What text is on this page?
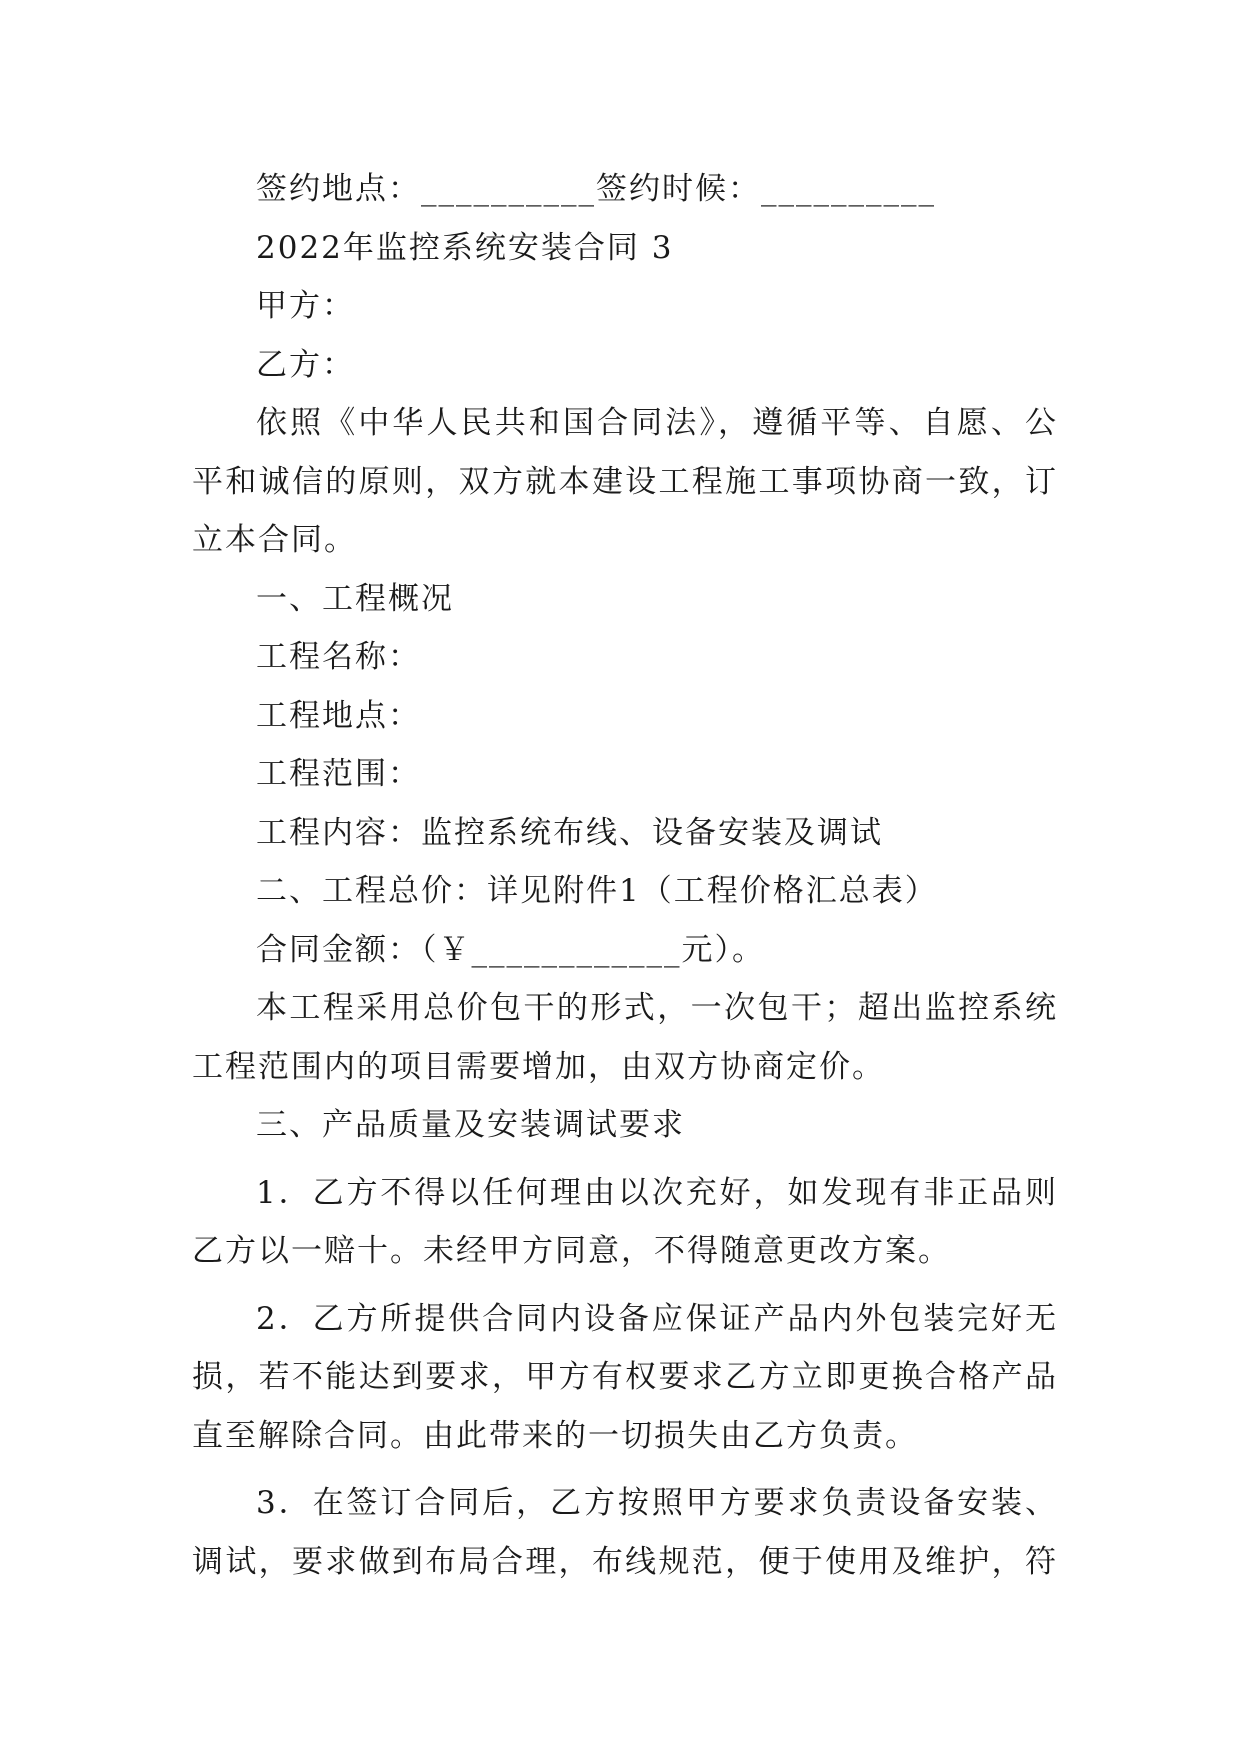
签约地点：__________签约时候：__________
2022年监控系统安装合同 3
甲方：
乙方：
依照《中华人民共和国合同法》，遵循平等、自愿、公
平和诚信的原则，双方就本建设工程施工事项协商一致，订
立本合同。
一、工程概况
工程名称：
工程地点：
工程范围：
工程内容：监控系统布线、设备安装及调试
二、工程总价：详见附件1（工程价格汇总表）
合同金额：（￥____________元）。
本工程采用总价包干的形式，一次包干；超出监控系统
工程范围内的项目需要增加，由双方协商定价。
三、产品质量及安装调试要求
1．乙方不得以任何理由以次充好，如发现有非正品则
乙方以一赔十。未经甲方同意，不得随意更改方案。
2．乙方所提供合同内设备应保证产品内外包装完好无
损，若不能达到要求，甲方有权要求乙方立即更换合格产品
直至解除合同。由此带来的一切损失由乙方负责。
3．在签订合同后，乙方按照甲方要求负责设备安装、
调试，要求做到布局合理，布线规范，便于使用及维护，符
